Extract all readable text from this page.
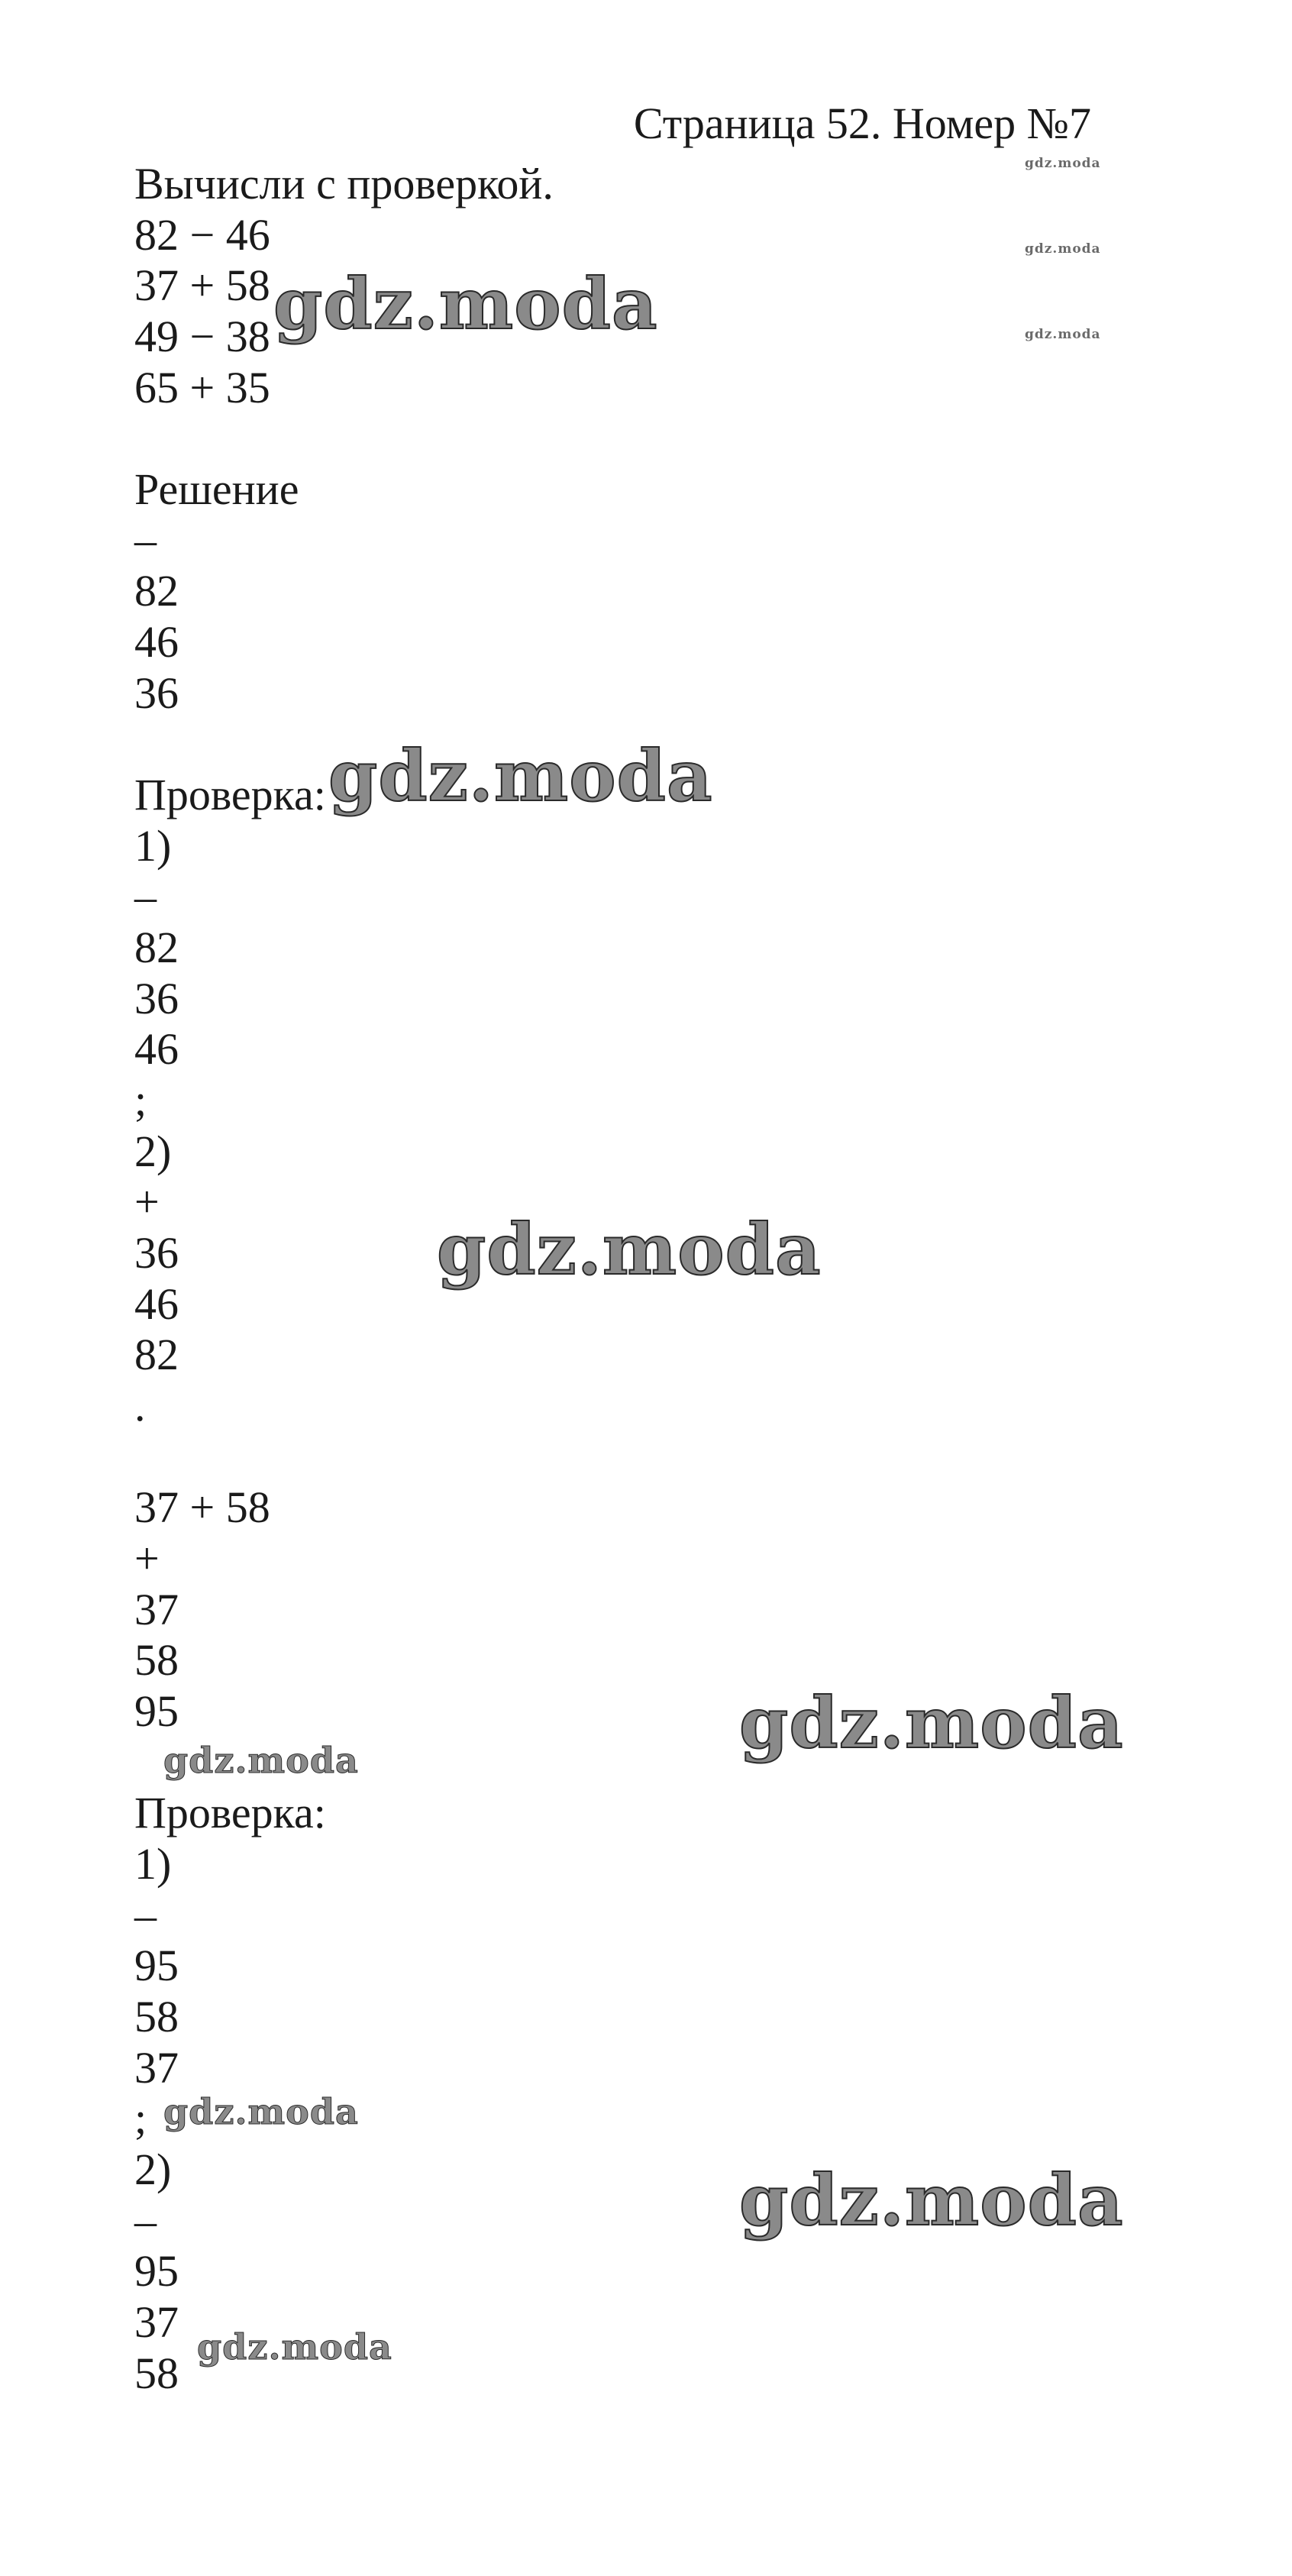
Страница 52. Номер №7
Вычисли с проверкой.
82 − 46
37 + 58
49 − 38
65 + 35
Решение
–
82
46
36
Проверка:
1)
–
82
36
46
;
2)
+
36
46
82
.
37 + 58
+
37
58
95
Проверка:
1)
–
95
58
37
;
2)
–
95
37
58
gdz.moda
gdz.moda
gdz.moda
gdz.moda
gdz.moda
gdz.moda
gdz.moda
gdz.moda
gdz.moda
gdz.moda
gdz.moda
